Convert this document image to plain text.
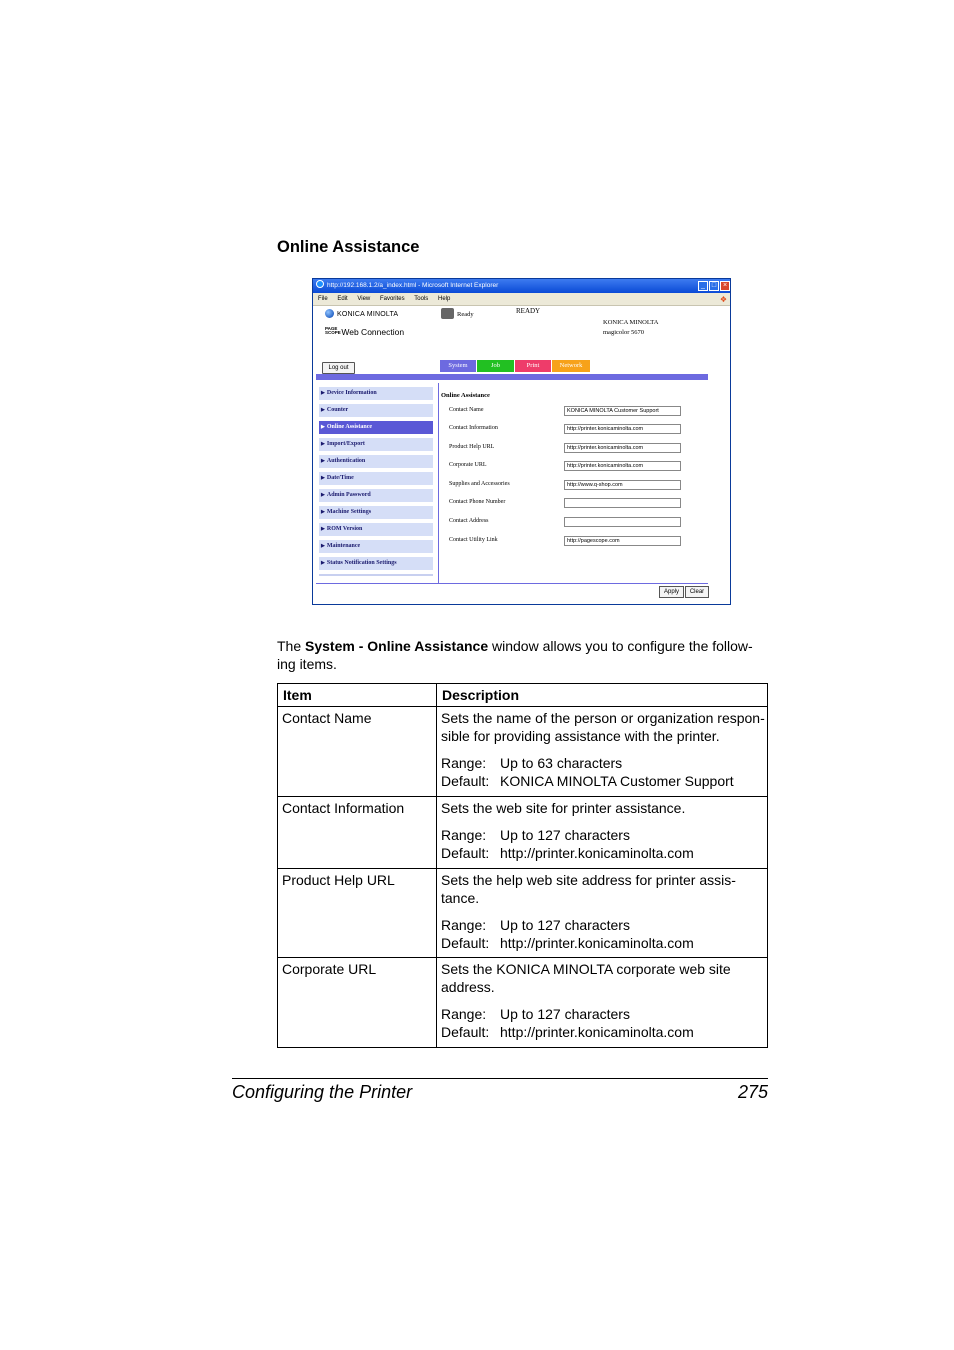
Online Assistance
http://192.168.1.2/a_index.html - Microsoft Internet Explorer	_ □ ×
File Edit View Favorites Tools Help	❖
KONICA MINOLTA
PAGE SCOPE Web Connection
Ready	READY
KONICA MINOLTA
magicolor 5670
Log out	System	Job	Print	Network
▶ Device Information
▶ Counter
▶ Online Assistance
▶ Import/Export
▶ Authentication
▶ Date/Time
▶ Admin Password
▶ Machine Settings
▶ ROM Version
▶ Maintenance
▶ Status Notification Settings
Online Assistance
Contact Name	KONICA MINOLTA Customer Support
Contact Information	http://printer.konicaminolta.com
Product Help URL	http://printer.konicaminolta.com
Corporate URL	http://printer.konicaminolta.com
Supplies and Accessories	http://www.q-shop.com
Contact Phone Number
Contact Address
Contact Utility Link	http://pagescope.com
Apply	Clear
The System - Online Assistance window allows you to configure the follow-ing items.
Item	Description
Contact Name	Sets the name of the person or organization respon-sible for providing assistance with the printer.
Range: Up to 63 characters
Default: KONICA MINOLTA Customer Support

Contact Information	Sets the web site for printer assistance.
Range: Up to 127 characters
Default: http://printer.konicaminolta.com

Product Help URL	Sets the help web site address for printer assis-tance.
Range: Up to 127 characters
Default: http://printer.konicaminolta.com

Corporate URL	Sets the KONICA MINOLTA corporate web site address.
Range: Up to 127 characters
Default: http://printer.konicaminolta.com
Configuring the Printer	275
